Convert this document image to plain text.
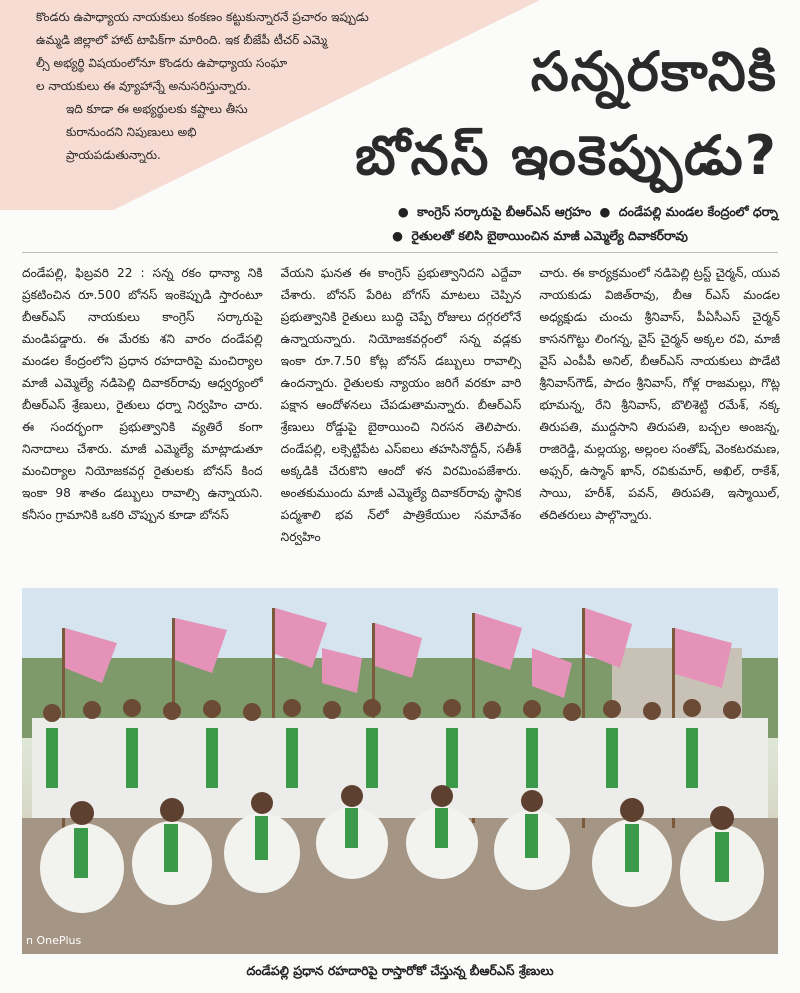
కొండరు ఉపాధ్యాయ నాయకులు కంకణం కట్టుకున్నారనే ప్రచారం ఇప్పుడు
ఉమ్మడి జిల్లాలో హాట్ టాపిక్‌గా మారింది. ఇక బీజేపీ టీచర్ ఎమ్మె
ల్సీ అభ్యర్థి విషయంలోనూ కొండరు ఉపాధ్యాయ సంఘా
ల నాయకులు ఈ వ్యూహాన్నే అనుసరిస్తున్నారు.
ఇది కూడా ఈ అభ్యర్థులకు కష్టాలు తీసు
కురానుందని నిపుణులు అభి
ప్రాయపడుతున్నారు.
సన్నరకానికి
బోనస్ ఇంకెప్పుడు?
● కాంగ్రెస్ సర్కారుపై బీఆర్ఎస్ ఆగ్రహం ● దండేపల్లి మండల కేంద్రంలో ధర్నా
● రైతులతో కలిసి బైఠాయించిన మాజీ ఎమ్మెల్యే దివాకర్‌రావు
దండేపల్లి, ఫిబ్రవరి 22 : సన్న రకం ధాన్యా నికి ప్రకటించిన రూ.500 బోనస్ ఇంకెప్పుడి స్తారంటూ బీఆర్ఎస్ నాయకులు కాంగ్రెస్ సర్కారుపై మండిపడ్డారు. ఈ మేరకు శని వారం దండేపల్లి మండల కేంద్రంలోని ప్రధాన రహదారిపై మంచిర్యాల మాజీ ఎమ్మెల్యే నడిపెల్లి దివాకర్‌రావు ఆధ్వర్యంలో బీఆర్ఎస్ శ్రేణులు, రైతులు ధర్నా నిర్వహిం చారు. ఈ సందర్భంగా ప్రభుత్వానికి వ్యతిరే కంగా నినాదాలు చేశారు. మాజీ ఎమ్మెల్యే మాట్లాడుతూ మంచిర్యాల నియోజకవర్గ రైతులకు బోనస్ కింద ఇంకా 98 శాతం డబ్బులు రావాల్సి ఉన్నాయని. కనీసం గ్రామానికి ఒకరి చొప్పున కూడా బోనస్
వేయని ఘనత ఈ కాంగ్రెస్ ప్రభుత్వానిదని ఎద్దేవా చేశారు. బోనస్ పేరిట బోగస్ మాటలు చెప్పిన ప్రభుత్వానికి రైతులు బుద్ధి చెప్పే రోజులు దగ్గరలోనే ఉన్నాయన్నారు. నియోజకవర్గంలో సన్న వడ్లకు ఇంకా రూ.7.50 కోట్ల బోనస్ డబ్బులు రావాల్సి ఉందన్నారు. రైతులకు న్యాయం జరిగే వరకూ వారి పక్షాన ఆందోళనలు చేపడుతామన్నారు. బీఆర్ఎస్ శ్రేణులు రోడ్డుపై బైఠాయించి నిరసన తెలిపారు. దండేపల్లి, లక్సెట్టిపేట ఎస్ఐలు తహసినొద్దీన్, సతీశ్ అక్కడికి చేరుకొని ఆందో ళన విరమింపజేశారు. అంతకుముందు మాజీ ఎమ్మెల్యే దివాకర్‌రావు స్థానిక పద్మశాలి భవ న్‌లో పాత్రికేయుల సమావేశం నిర్వహిం
చారు. ఈ కార్యక్రమంలో నడిపెల్లి ట్రస్ట్ చైర్మన్, యువ నాయకుడు విజిత్‌రావు, బీఆ ర్ఎస్ మండల అధ్యక్షుడు చుంచు శ్రీనివాస్, పీఏసీఎస్ చైర్మన్ కాసనగొట్టు లింగన్న, వైస్ చైర్మన్ అక్కల రవి, మాజీ వైస్ ఎంపీపీ అనిల్, బీఆర్ఎస్ నాయకులు పొడేటి శ్రీనివాస్‌గౌడ్, పాదం శ్రీనివాస్, గోళ్ల రాజమల్లు, గొట్ల భూమన్న, రేని శ్రీనివాస్, బొలిశెట్టి రమేశ్, నక్క తిరుపతి, ముద్దసాని తిరుపతి, బచ్చల అంజన్న, రాజిరెడ్డి, మల్లయ్య, అల్లంల సంతోష్, వెంకటరమణ, అఫ్సర్, ఉస్మాన్ ఖాన్, రవికుమార్, అఖిల్, రాకేశ్, సాయి, హరీశ్, పవన్, తిరుపతి, ఇస్మాయిల్, తదితరులు పాల్గొన్నారు.
n OnePlus
దండేపల్లి ప్రధాన రహదారిపై రాస్తారోకో చేస్తున్న బీఆర్ఎస్ శ్రేణులు
